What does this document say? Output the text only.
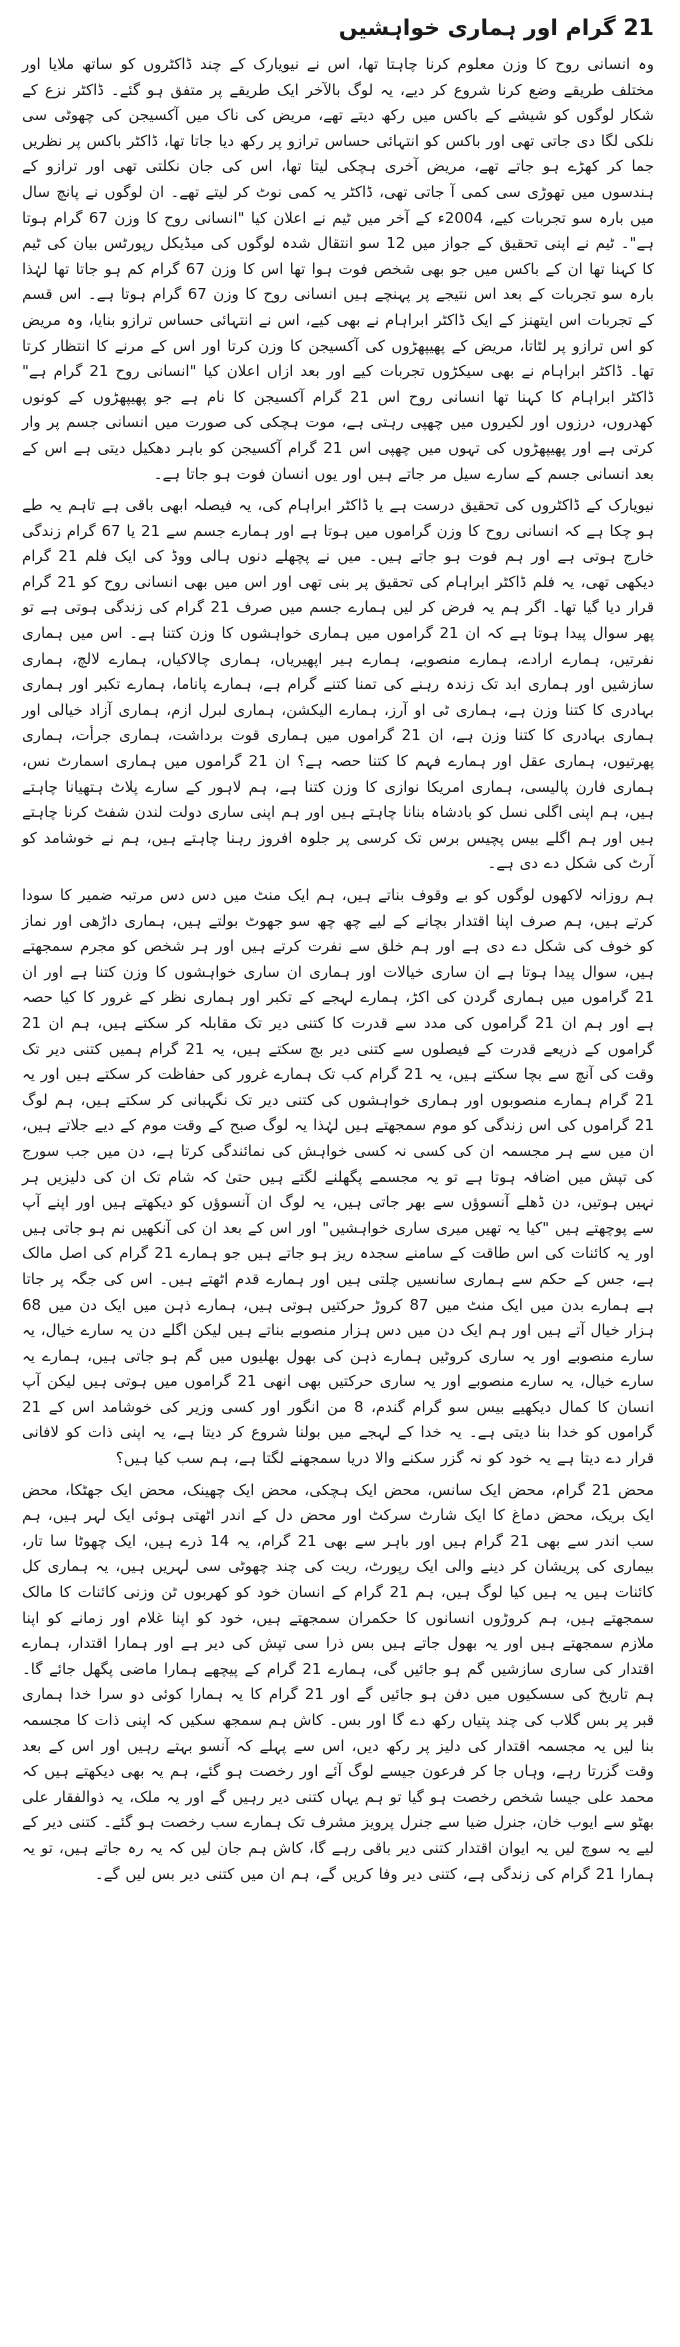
21 گرام اور ہماری خواہشیں

وہ انسانی روح کا وزن معلوم کرنا چاہتا تھا، اس نے نیویارک کے چند ڈاکٹروں کو ساتھ ملایا اور مختلف طریقے وضع کرنا شروع کر دیے، یہ لوگ بالآخر ایک طریقے پر متفق ہو گئے۔ ڈاکٹر نزع کے شکار لوگوں کو شیشے کے باکس میں رکھ دیتے تھے، مریض کی ناک میں آکسیجن کی چھوٹی سی نلکی لگا دی جاتی تھی اور باکس کو انتہائی حساس ترازو پر رکھ دیا جاتا تھا، ڈاکٹر باکس پر نظریں جما کر کھڑے ہو جاتے تھے، مریض آخری ہچکی لیتا تھا، اس کی جان نکلتی تھی اور ترازو کے ہندسوں میں تھوڑی سی کمی آ جاتی تھی، ڈاکٹر یہ کمی نوٹ کر لیتے تھے۔ ان لوگوں نے پانچ سال میں بارہ سو تجربات کیے، 2004ء کے آخر میں ٹیم نے اعلان کیا "انسانی روح کا وزن 67 گرام ہوتا ہے"۔ ٹیم نے اپنی تحقیق کے جواز میں 12 سو انتقال شدہ لوگوں کی میڈیکل رپورٹس بیان کی ٹیم کا کہنا تھا ان کے باکس میں جو بھی شخص فوت ہوا تھا اس کا وزن 67 گرام کم ہو جاتا تھا لہٰذا بارہ سو تجربات کے بعد اس نتیجے پر پہنچے ہیں انسانی روح کا وزن 67 گرام ہوتا ہے۔ اس قسم کے تجربات اس ایتھنز کے ایک ڈاکٹر ابراہام نے بھی کیے، اس نے انتہائی حساس ترازو بنایا، وہ مریض کو اس ترازو پر لٹاتا، مریض کے پھیپھڑوں کی آکسیجن کا وزن کرتا اور اس کے مرنے کا انتظار کرتا تھا۔ ڈاکٹر ابراہام نے بھی سیکڑوں تجربات کیے اور بعد ازاں اعلان کیا "انسانی روح 21 گرام ہے" ڈاکٹر ابراہام کا کہنا تھا انسانی روح اس 21 گرام آکسیجن کا نام ہے جو پھیپھڑوں کے کونوں کھدروں، درزوں اور لکیروں میں چھپی رہتی ہے، موت ہچکی کی صورت میں انسانی جسم پر وار کرتی ہے اور پھیپھڑوں کی تہوں میں چھپی اس 21 گرام آکسیجن کو باہر دھکیل دیتی ہے اس کے بعد انسانی جسم کے سارے سیل مر جاتے ہیں اور یوں انسان فوت ہو جاتا ہے۔

نیویارک کے ڈاکٹروں کی تحقیق درست ہے یا ڈاکٹر ابراہام کی، یہ فیصلہ ابھی باقی ہے تاہم یہ طے ہو چکا ہے کہ انسانی روح کا وزن گراموں میں ہوتا ہے اور ہمارے جسم سے 21 یا 67 گرام زندگی خارج ہوتی ہے اور ہم فوت ہو جاتے ہیں۔ میں نے پچھلے دنوں ہالی ووڈ کی ایک فلم 21 گرام دیکھی تھی، یہ فلم ڈاکٹر ابراہام کی تحقیق پر بنی تھی اور اس میں بھی انسانی روح کو 21 گرام قرار دیا گیا تھا۔ اگر ہم یہ فرض کر لیں ہمارے جسم میں صرف 21 گرام کی زندگی ہوتی ہے تو پھر سوال پیدا ہوتا ہے کہ ان 21 گراموں میں ہماری خواہشوں کا وزن کتنا ہے۔ اس میں ہماری نفرتیں، ہمارے ارادے، ہمارے منصوبے، ہمارے ہیر اپھیریاں، ہماری چالاکیاں، ہمارے لالچ، ہماری سازشیں اور ہماری ابد تک زندہ رہنے کی تمنا کتنے گرام ہے، ہمارے پاناما، ہمارے تکبر اور ہماری بہادری کا کتنا وزن ہے، ہماری ٹی او آرز، ہمارے الیکشن، ہماری لبرل ازم، ہماری آزاد خیالی اور ہماری بہادری کا کتنا وزن ہے، ان 21 گراموں میں ہماری قوت برداشت، ہماری جرأت، ہماری پھرتیوں، ہماری عقل اور ہمارے فہم کا کتنا حصہ ہے؟ ان 21 گراموں میں ہماری اسمارٹ نس، ہماری فارن پالیسی، ہماری امریکا نوازی کا وزن کتنا ہے، ہم لاہور کے سارے پلاٹ ہتھیانا چاہتے ہیں، ہم اپنی اگلی نسل کو بادشاہ بنانا چاہتے ہیں اور ہم اپنی ساری دولت لندن شفٹ کرنا چاہتے ہیں اور ہم اگلے بیس پچیس برس تک کرسی پر جلوہ افروز رہنا چاہتے ہیں، ہم نے خوشامد کو آرٹ کی شکل دے دی ہے۔

ہم روزانہ لاکھوں لوگوں کو بے وقوف بناتے ہیں، ہم ایک منٹ میں دس دس مرتبہ ضمیر کا سودا کرتے ہیں، ہم صرف اپنا اقتدار بچانے کے لیے چھ چھ سو جھوٹ بولتے ہیں، ہماری داڑھی اور نماز کو خوف کی شکل دے دی ہے اور ہم خلق سے نفرت کرتے ہیں اور ہر شخص کو مجرم سمجھتے ہیں، سوال پیدا ہوتا ہے ان ساری خیالات اور ہماری ان ساری خواہشوں کا وزن کتنا ہے اور ان 21 گراموں میں ہماری گردن کی اکڑ، ہمارے لہجے کے تکبر اور ہماری نظر کے غرور کا کیا حصہ ہے اور ہم ان 21 گراموں کی مدد سے قدرت کا کتنی دیر تک مقابلہ کر سکتے ہیں، ہم ان 21 گراموں کے ذریعے قدرت کے فیصلوں سے کتنی دیر بچ سکتے ہیں، یہ 21 گرام ہمیں کتنی دیر تک وقت کی آنچ سے بچا سکتے ہیں، یہ 21 گرام کب تک ہمارے غرور کی حفاظت کر سکتے ہیں اور یہ 21 گرام ہمارے منصوبوں اور ہماری خواہشوں کی کتنی دیر تک نگہبانی کر سکتے ہیں، ہم لوگ 21 گراموں کی اس زندگی کو موم سمجھتے ہیں لہٰذا یہ لوگ صبح کے وقت موم کے دیے جلاتے ہیں، ان میں سے ہر مجسمہ ان کی کسی نہ کسی خواہش کی نمائندگی کرتا ہے، دن میں جب سورج کی تپش میں اضافہ ہوتا ہے تو یہ مجسمے پگھلنے لگتے ہیں حتیٰ کہ شام تک ان کی دلیزیں ہر نہیں ہوتیں، دن ڈھلے آنسوؤں سے بھر جاتی ہیں، یہ لوگ ان آنسوؤں کو دیکھتے ہیں اور اپنے آپ سے پوچھتے ہیں "کیا یہ تھیں میری ساری خواہشیں" اور اس کے بعد ان کی آنکھیں نم ہو جاتی ہیں اور یہ کائنات کی اس طاقت کے سامنے سجدہ ریز ہو جاتے ہیں جو ہمارے 21 گرام کی اصل مالک ہے، جس کے حکم سے ہماری سانسیں چلتی ہیں اور ہمارے قدم اٹھتے ہیں۔ اس کی جگہ پر جاتا ہے ہمارے بدن میں ایک منٹ میں 87 کروڑ حرکتیں ہوتی ہیں، ہمارے ذہن میں ایک دن میں 68 ہزار خیال آتے ہیں اور ہم ایک دن میں دس ہزار منصوبے بناتے ہیں لیکن اگلے دن یہ سارے خیال، یہ سارے منصوبے اور یہ ساری کروٹیں ہمارے ذہن کی بھول بھلیوں میں گم ہو جاتی ہیں، ہمارے یہ سارے خیال، یہ سارے منصوبے اور یہ ساری حرکتیں بھی انھی 21 گراموں میں ہوتی ہیں لیکن آپ انسان کا کمال دیکھیے بیس سو گرام گندم، 8 من انگور اور کسی وزیر کی خوشامد اس کے 21 گراموں کو خدا بنا دیتی ہے۔ یہ خدا کے لہجے میں بولنا شروع کر دیتا ہے، یہ اپنی ذات کو لافانی قرار دے دیتا ہے یہ خود کو نہ گزر سکنے والا دریا سمجھنے لگتا ہے، ہم سب کیا ہیں؟

محض 21 گرام، محض ایک سانس، محض ایک ہچکی، محض ایک چھینک، محض ایک جھٹکا، محض ایک بریک، محض دماغ کا ایک شارٹ سرکٹ اور محض دل کے اندر اٹھتی ہوئی ایک لہر ہیں، ہم سب اندر سے بھی 21 گرام ہیں اور باہر سے بھی 21 گرام، یہ 14 ذرے ہیں، ایک چھوٹا سا تار، بیماری کی پریشان کر دینے والی ایک رپورٹ، ریت کی چند چھوٹی سی لہریں ہیں، یہ ہماری کل کائنات ہیں یہ ہیں کیا لوگ ہیں، ہم 21 گرام کے انسان خود کو کھربوں ٹن وزنی کائنات کا مالک سمجھتے ہیں، ہم کروڑوں انسانوں کا حکمران سمجھتے ہیں، خود کو اپنا غلام اور زمانے کو اپنا ملازم سمجھتے ہیں اور یہ بھول جاتے ہیں بس ذرا سی تپش کی دیر ہے اور ہمارا اقتدار، ہمارے اقتدار کی ساری سازشیں گم ہو جائیں گی، ہمارے 21 گرام کے پیچھے ہمارا ماضی پگھل جائے گا۔ ہم تاریخ کی سسکیوں میں دفن ہو جائیں گے اور 21 گرام کا یہ ہمارا کوئی دو سرا خدا ہماری قبر پر بس گلاب کی چند پتیاں رکھ دے گا اور بس۔ کاش ہم سمجھ سکیں کہ اپنی ذات کا مجسمہ بنا لیں یہ مجسمہ اقتدار کی دلیز پر رکھ دیں، اس سے پہلے کہ آنسو بہتے رہیں اور اس کے بعد وقت گزرتا رہے، وہاں جا کر فرعون جیسے لوگ آئے اور رخصت ہو گئے، ہم یہ بھی دیکھتے ہیں کہ محمد علی جیسا شخص رخصت ہو گیا تو ہم یہاں کتنی دیر رہیں گے اور یہ ملک، یہ ذوالفقار علی بھٹو سے ایوب خان، جنرل ضیا سے جنرل پرویز مشرف تک ہمارے سب رخصت ہو گئے۔ کتنی دیر کے لیے یہ سوچ لیں یہ ایوان اقتدار کتنی دیر باقی رہے گا، کاش ہم جان لیں کہ یہ رہ جاتے ہیں، تو یہ ہمارا 21 گرام کی زندگی ہے، کتنی دیر وفا کریں گے، ہم ان میں کتنی دیر بس لیں گے۔
